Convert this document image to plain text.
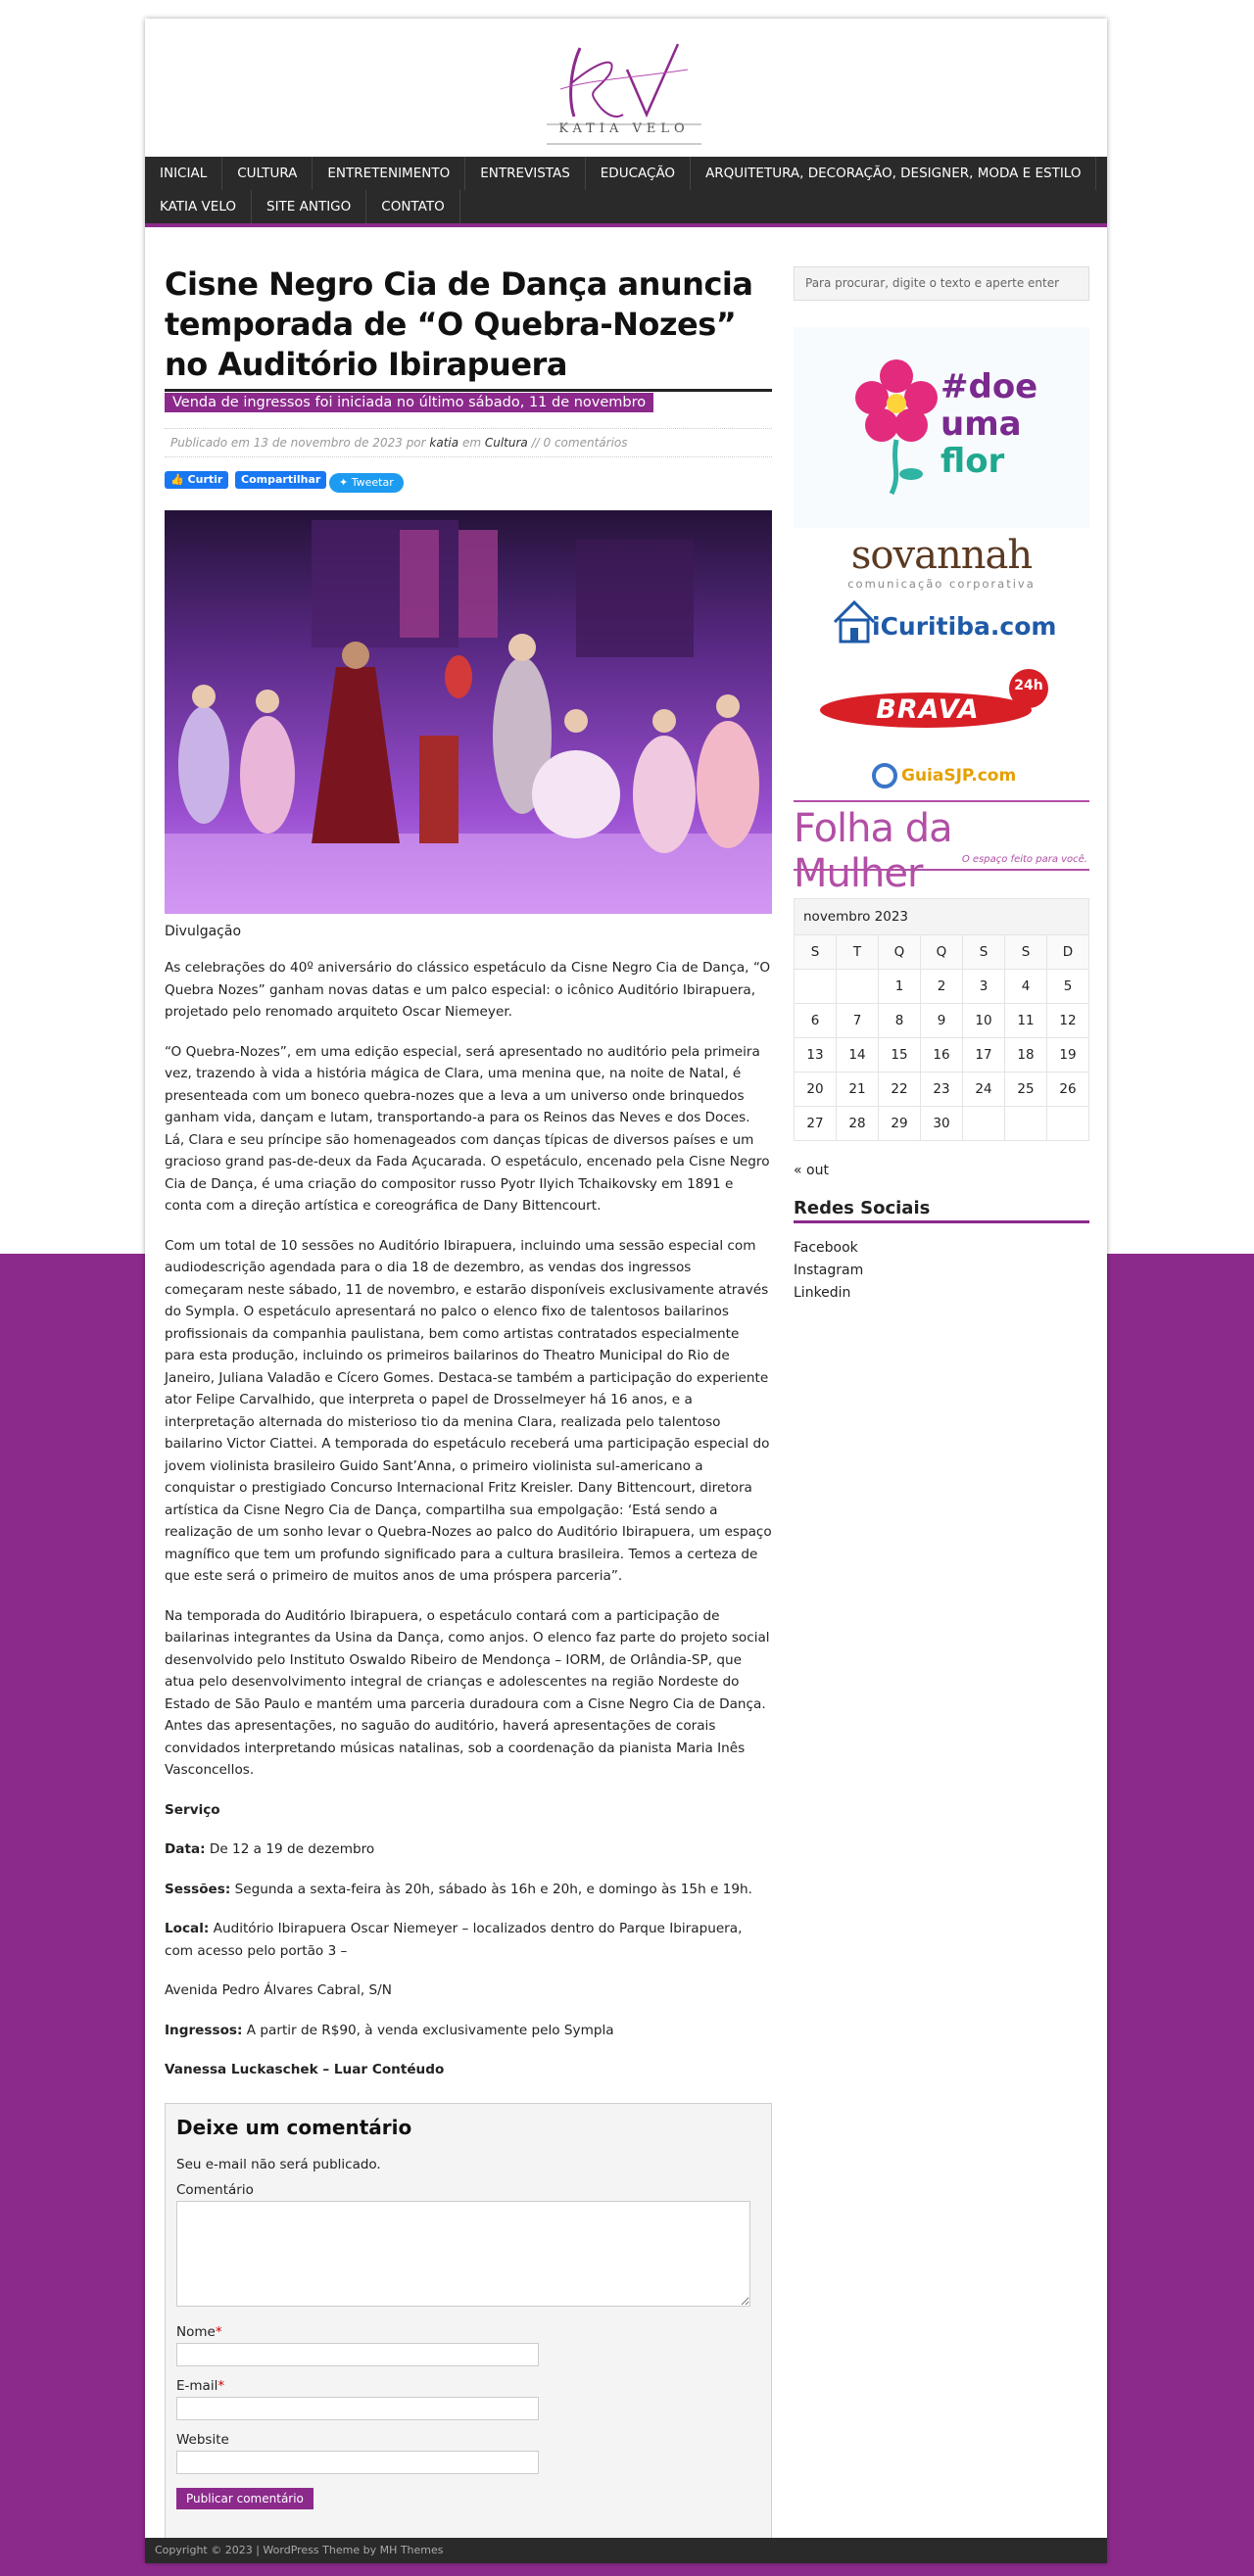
KATIA VELO
INICIAL	CULTURA	ENTRETENIMENTO	ENTREVISTAS	EDUCAÇÃO	ARQUITETURA, DECORAÇÃO, DESIGNER, MODA E ESTILO
KATIA VELO	SITE ANTIGO	CONTATO
Cisne Negro Cia de Dança anuncia temporada de “O Quebra-Nozes” no Auditório Ibirapuera
Venda de ingressos foi iniciada no último sábado, 11 de novembro
Publicado em 13 de novembro de 2023 por katia em Cultura // 0 comentários
👍 Curtir	Compartilhar	✦ Tweetar
Divulgação

As celebrações do 40º aniversário do clássico espetáculo da Cisne Negro Cia de Dança, “O Quebra Nozes” ganham novas datas e um palco especial: o icônico Auditório Ibirapuera, projetado pelo renomado arquiteto Oscar Niemeyer.

“O Quebra-Nozes”, em uma edição especial, será apresentado no auditório pela primeira vez, trazendo à vida a história mágica de Clara, uma menina que, na noite de Natal, é presenteada com um boneco quebra-nozes que a leva a um universo onde brinquedos ganham vida, dançam e lutam, transportando-a para os Reinos das Neves e dos Doces. Lá, Clara e seu príncipe são homenageados com danças típicas de diversos países e um gracioso grand pas-de-deux da Fada Açucarada. O espetáculo, encenado pela Cisne Negro Cia de Dança, é uma criação do compositor russo Pyotr Ilyich Tchaikovsky em 1891 e conta com a direção artística e coreográfica de Dany Bittencourt.

Com um total de 10 sessões no Auditório Ibirapuera, incluindo uma sessão especial com audiodescrição agendada para o dia 18 de dezembro, as vendas dos ingressos começaram neste sábado, 11 de novembro, e estarão disponíveis exclusivamente através do Sympla. O espetáculo apresentará no palco o elenco fixo de talentosos bailarinos profissionais da companhia paulistana, bem como artistas contratados especialmente para esta produção, incluindo os primeiros bailarinos do Theatro Municipal do Rio de Janeiro, Juliana Valadão e Cícero Gomes. Destaca-se também a participação do experiente ator Felipe Carvalhido, que interpreta o papel de Drosselmeyer há 16 anos, e a interpretação alternada do misterioso tio da menina Clara, realizada pelo talentoso bailarino Victor Ciattei. A temporada do espetáculo receberá uma participação especial do jovem violinista brasileiro Guido Sant’Anna, o primeiro violinista sul-americano a conquistar o prestigiado Concurso Internacional Fritz Kreisler. Dany Bittencourt, diretora artística da Cisne Negro Cia de Dança, compartilha sua empolgação: ‘Está sendo a realização de um sonho levar o Quebra-Nozes ao palco do Auditório Ibirapuera, um espaço magnífico que tem um profundo significado para a cultura brasileira. Temos a certeza de que este será o primeiro de muitos anos de uma próspera parceria”.

Na temporada do Auditório Ibirapuera, o espetáculo contará com a participação de bailarinas integrantes da Usina da Dança, como anjos. O elenco faz parte do projeto social desenvolvido pelo Instituto Oswaldo Ribeiro de Mendonça – IORM, de Orlândia-SP, que atua pelo desenvolvimento integral de crianças e adolescentes na região Nordeste do Estado de São Paulo e mantém uma parceria duradoura com a Cisne Negro Cia de Dança. Antes das apresentações, no saguão do auditório, haverá apresentações de corais convidados interpretando músicas natalinas, sob a coordenação da pianista Maria Inês Vasconcellos.

Serviço

Data: De 12 a 19 de dezembro

Sessões: Segunda a sexta-feira às 20h, sábado às 16h e 20h, e domingo às 15h e 19h.

Local: Auditório Ibirapuera Oscar Niemeyer – localizados dentro do Parque Ibirapuera, com acesso pelo portão 3 –

Avenida Pedro Álvares Cabral, S/N

Ingressos: A partir de R$90, à venda exclusivamente pelo Sympla

Vanessa Luckaschek – Luar Contéudo

Deixe um comentário
Seu e-mail não será publicado.
Comentário
Nome*
E-mail*
Website
Publicar comentário
Para procurar, digite o texto e aperte enter
#doe
uma
flor
sovannah
comunicação corporativa
iCuritiba.com
BRAVA
24h
GuiaSJP.com
Folha da Mulher	O espaço feito para você.
novembro 2023
S	T	Q	Q	S	S	D
		1	2	3	4	5
6	7	8	9	10	11	12
13	14	15	16	17	18	19
20	21	22	23	24	25	26
27	28	29	30			
« out
Redes Sociais
Facebook
Instagram
Linkedin
Copyright © 2023 | WordPress Theme by MH Themes
